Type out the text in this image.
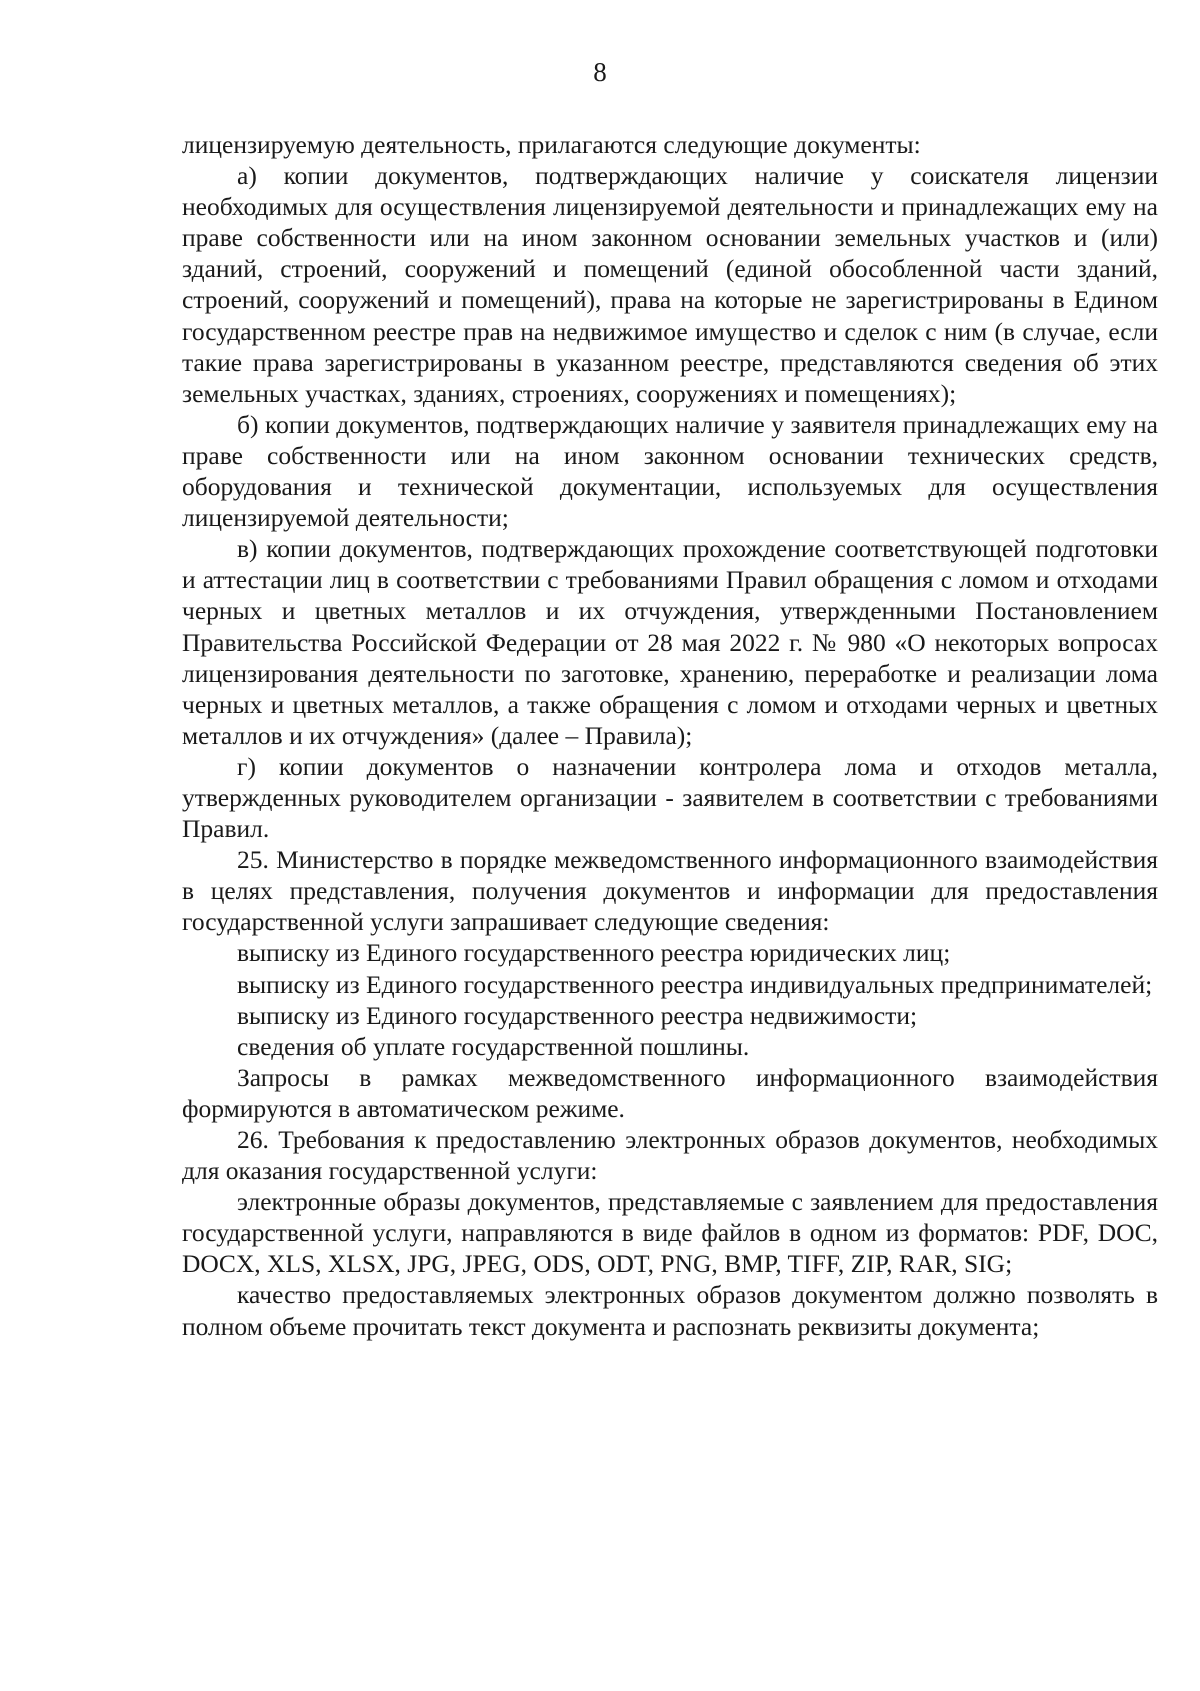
8

лицензируемую деятельность, прилагаются следующие документы:

а) копии документов, подтверждающих наличие у соискателя лицензии необходимых для осуществления лицензируемой деятельности и принадлежащих ему на праве собственности или на ином законном основании земельных участков и (или) зданий, строений, сооружений и помещений (единой обособленной части зданий, строений, сооружений и помещений), права на которые не зарегистрированы в Едином государственном реестре прав на недвижимое имущество и сделок с ним (в случае, если такие права зарегистрированы в указанном реестре, представляются сведения об этих земельных участках, зданиях, строениях, сооружениях и помещениях);

б) копии документов, подтверждающих наличие у заявителя принадлежащих ему на праве собственности или на ином законном основании технических средств, оборудования и технической документации, используемых для осуществления лицензируемой деятельности;

в) копии документов, подтверждающих прохождение соответствующей подготовки и аттестации лиц в соответствии с требованиями Правил обращения с ломом и отходами черных и цветных металлов и их отчуждения, утвержденными Постановлением Правительства Российской Федерации от 28 мая 2022 г. № 980 «О некоторых вопросах лицензирования деятельности по заготовке, хранению, переработке и реализации лома черных и цветных металлов, а также обращения с ломом и отходами черных и цветных металлов и их отчуждения» (далее – Правила);

г) копии документов о назначении контролера лома и отходов металла, утвержденных руководителем организации - заявителем в соответствии с требованиями Правил.

25. Министерство в порядке межведомственного информационного взаимодействия в целях представления, получения документов и информации для предоставления государственной услуги запрашивает следующие сведения:

выписку из Единого государственного реестра юридических лиц;

выписку из Единого государственного реестра индивидуальных предпринимателей;

выписку из Единого государственного реестра недвижимости;

сведения об уплате государственной пошлины.

Запросы в рамках межведомственного информационного взаимодействия формируются в автоматическом режиме.

26. Требования к предоставлению электронных образов документов, необходимых для оказания государственной услуги:

электронные образы документов, представляемые с заявлением для предоставления государственной услуги, направляются в виде файлов в одном из форматов: PDF, DOC, DOCX, XLS, XLSX, JPG, JPEG, ODS, ODT, PNG, BMP, TIFF, ZIP, RAR, SIG;

качество предоставляемых электронных образов документом должно позволять в полном объеме прочитать текст документа и распознать реквизиты документа;
